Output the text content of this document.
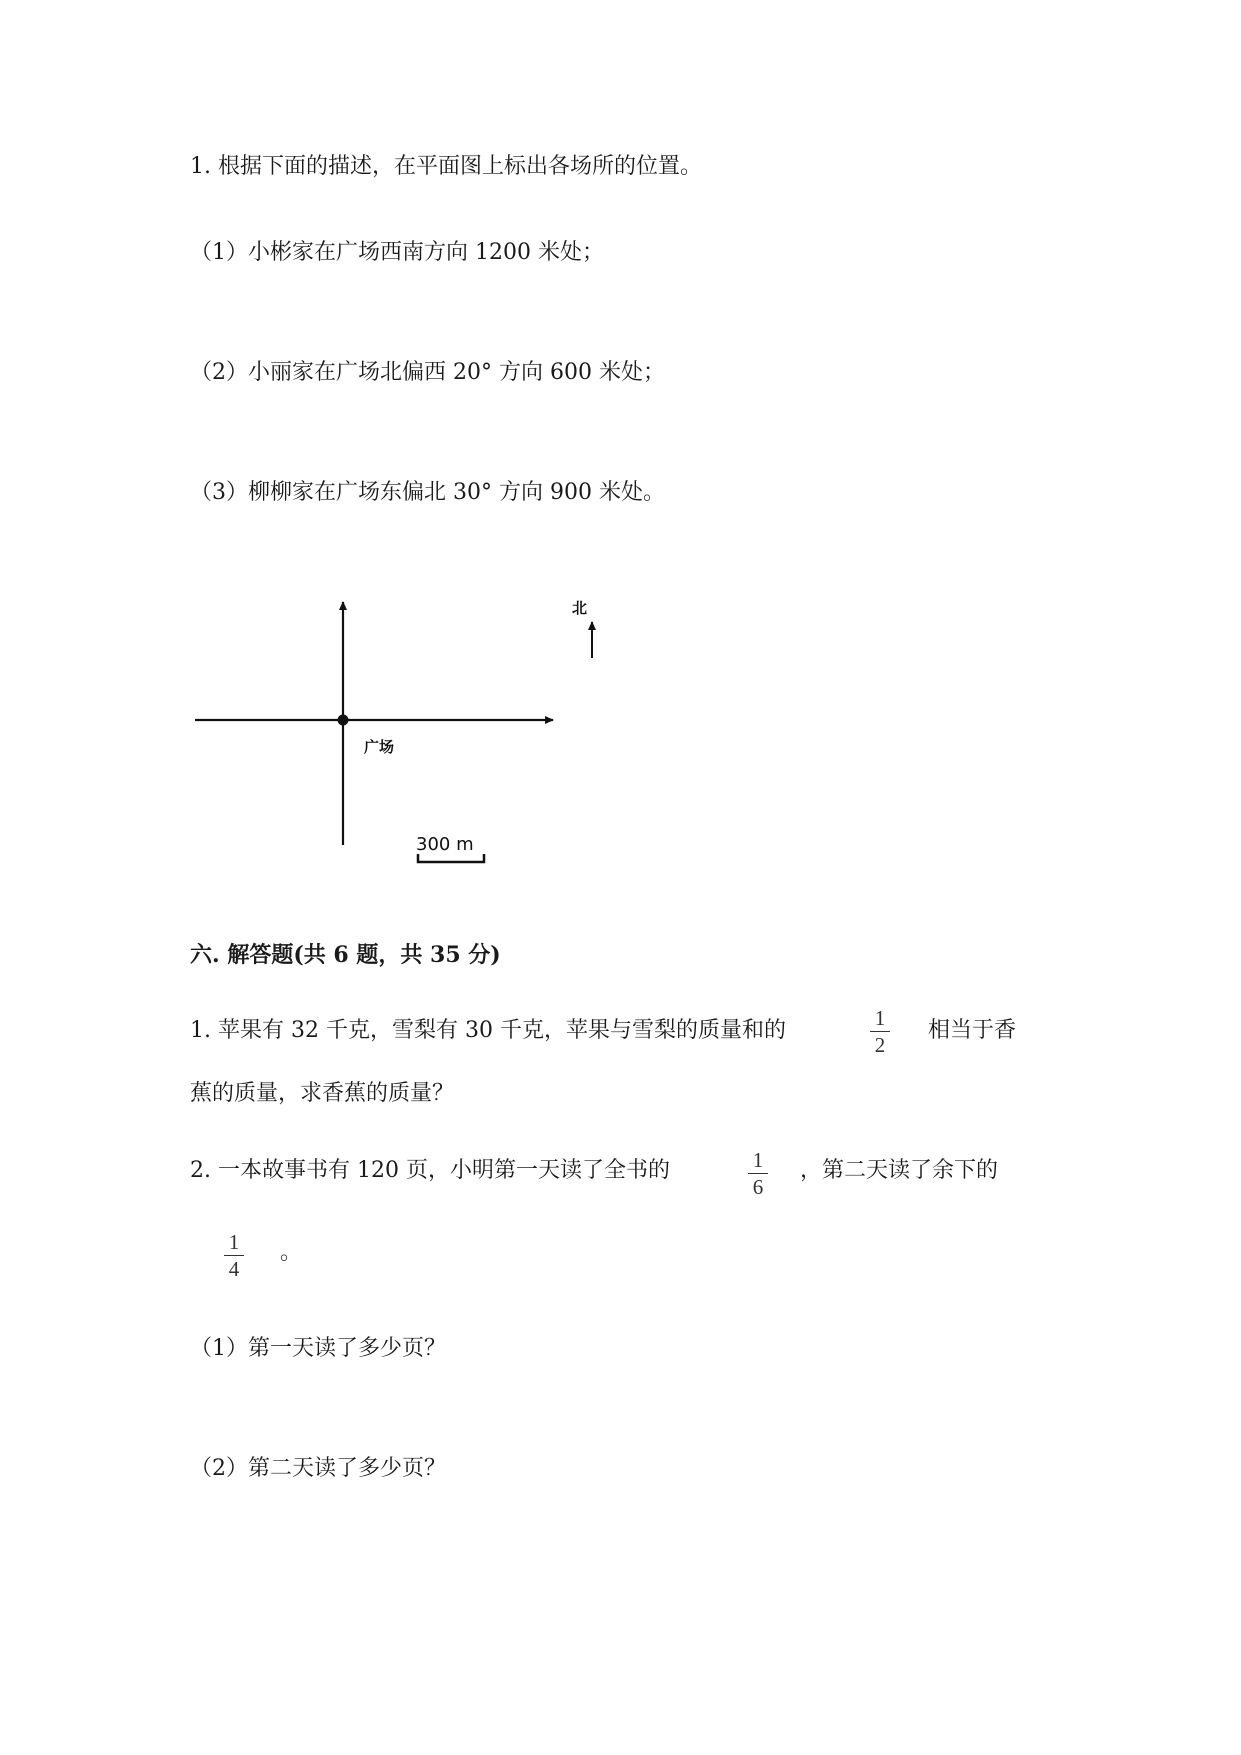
1. 根据下面的描述，在平面图上标出各场所的位置。
（1）小彬家在广场西南方向 1200 米处；
（2）小丽家在广场北偏西 20° 方向 600 米处；
（3）柳柳家在广场东偏北 30° 方向 900 米处。
广场
北
300 m
六. 解答题(共 6 题，共 35 分)
1. 苹果有 32 千克，雪梨有 30 千克，苹果与雪梨的质量和的	1
2
相当于香
蕉的质量，求香蕉的质量？
2. 一本故事书有 120 页，小明第一天读了全书的	1
6
，第二天读了余下的
1
4
。
（1）第一天读了多少页？
（2）第二天读了多少页？
